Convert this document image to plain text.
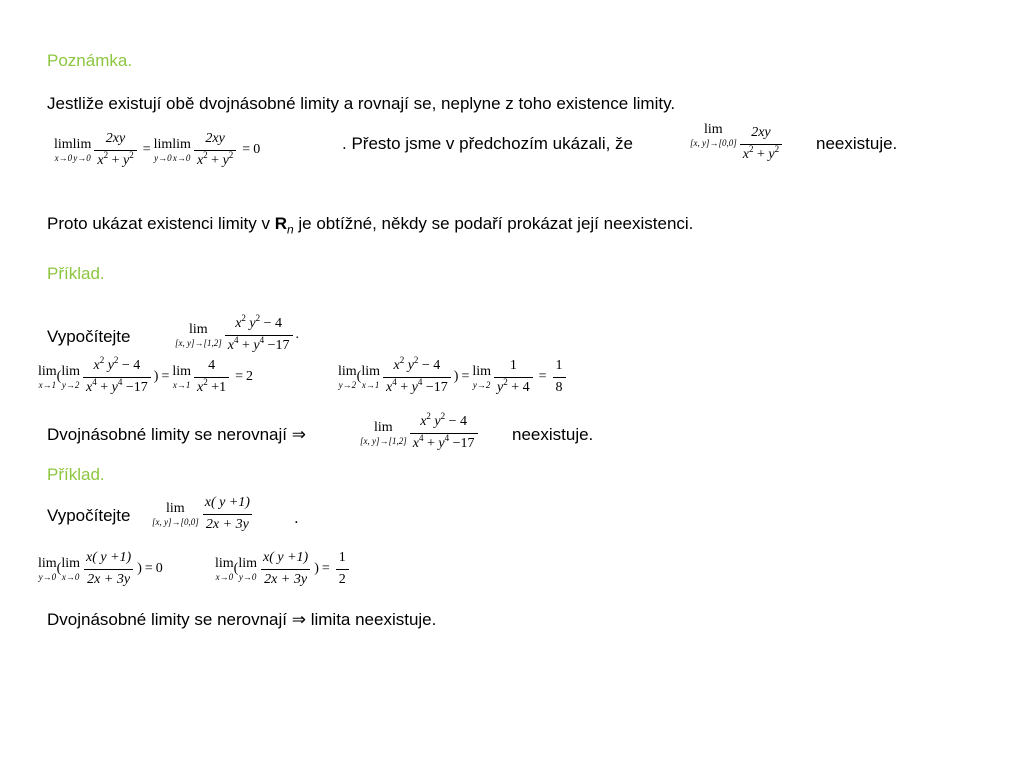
Poznámka.
Jestliže existují obě dvojnásobné limity a rovnají se, neplyne z toho existence limity.
lim
x→0
lim
$y\to 0 \frac{2xy}{x^2 + y^2} = \lim$
y→0
lim
$x\to 0 \frac{2xy}{x^2 + y^2} = 0$	. Přesto jsme v předchozím ukázali, že
lim
[x, $y]\to[0,0] \frac{2xy}{x^2 + y^2}$ neexistuje.
Proto ukázat existenci limity v $R_n$ je obtížné, někdy se podaří prokázat její neexistenci.
Příklad.
Vypočítejte	lim
[x, $y]\to[1,2] \frac{x^2 y^2 - 4}{x^4 + y^4 -17}$ .
lim
x→1
( lim
$y\to 2 \frac{x^2 y^2 - 4}{x^4 + y^4 -17}$ ) = lim
$x\to 1 \frac{4}{x^2 +1} = 2$	lim
y→2
( lim
$x\to 1 \frac{x^2 y^2 - 4}{x^4 + y^4 -17}$ ) = lim
$y\to 2 \frac{1}{y^2 + 4} = \frac{1}{8}$
Dvojnásobné limity se nerovnají ⇒	lim
[x, $y]\to[1,2] \frac{x^2 y^2 - 4}{x^4 + y^4 -17}$ neexistuje.
Příklad.
Vypočítejte	lim
[x, $y]\to[0,0] \frac{x( y +1)}{2x + 3y}$ .
lim
y→0
( lim
$x\to 0 \frac{x( y +1)}{2x + 3y}$ ) = 0	lim
x→0
( lim
$y\to 0 \frac{x( y +1)}{2x + 3y}$ ) = $\frac{1}{2}$
Dvojnásobné limity se nerovnají ⇒ limita neexistuje.
